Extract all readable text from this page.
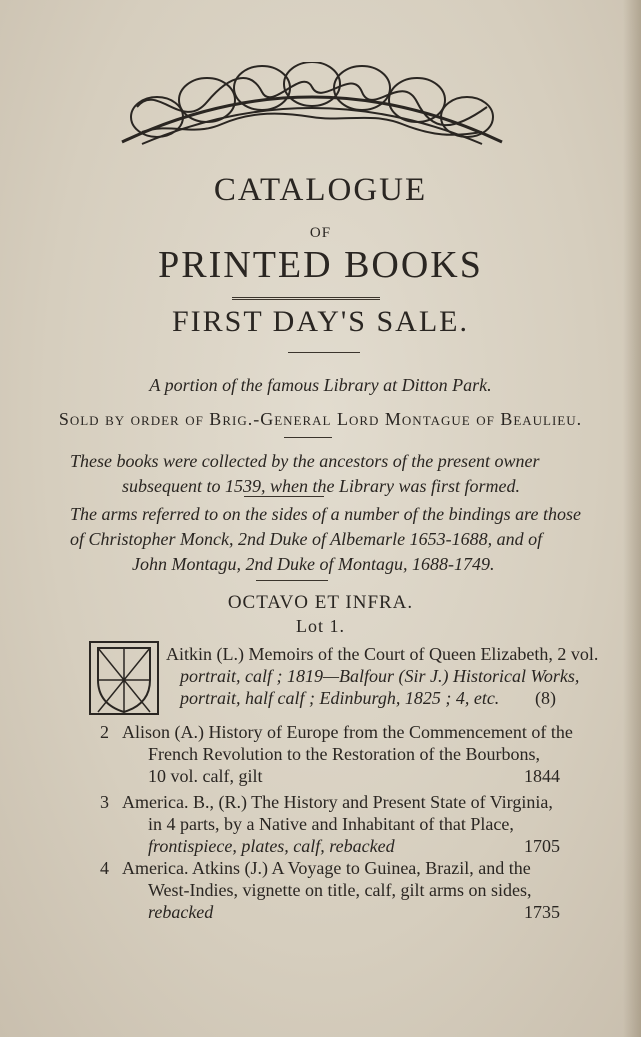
CATALOGUE
OF
PRINTED BOOKS
FIRST DAY'S SALE.
A portion of the famous Library at Ditton Park.
Sold by order of Brig.-General Lord Montague of Beaulieu.
These books were collected by the ancestors of the present owner
subsequent to 1539, when the Library was first formed.
The arms referred to on the sides of a number of the bindings are those
of Christopher Monck, 2nd Duke of Albemarle 1653-1688, and of
John Montagu, 2nd Duke of Montagu, 1688-1749.
OCTAVO ET INFRA.
Lot 1.
Aitkin (L.) Memoirs of the Court of Queen Elizabeth, 2 vol.
portrait, calf ; 1819—Balfour (Sir J.) Historical Works,
portrait, half calf ; Edinburgh, 1825 ; 4, etc.	(8)
2 Alison (A.) History of Europe from the Commencement of the
French Revolution to the Restoration of the Bourbons,
10 vol. calf, gilt	1844
3 America. B., (R.) The History and Present State of Virginia,
in 4 parts, by a Native and Inhabitant of that Place,
frontispiece, plates, calf, rebacked	1705
4 America. Atkins (J.) A Voyage to Guinea, Brazil, and the
West-Indies, vignette on title, calf, gilt arms on sides,
rebacked	1735
